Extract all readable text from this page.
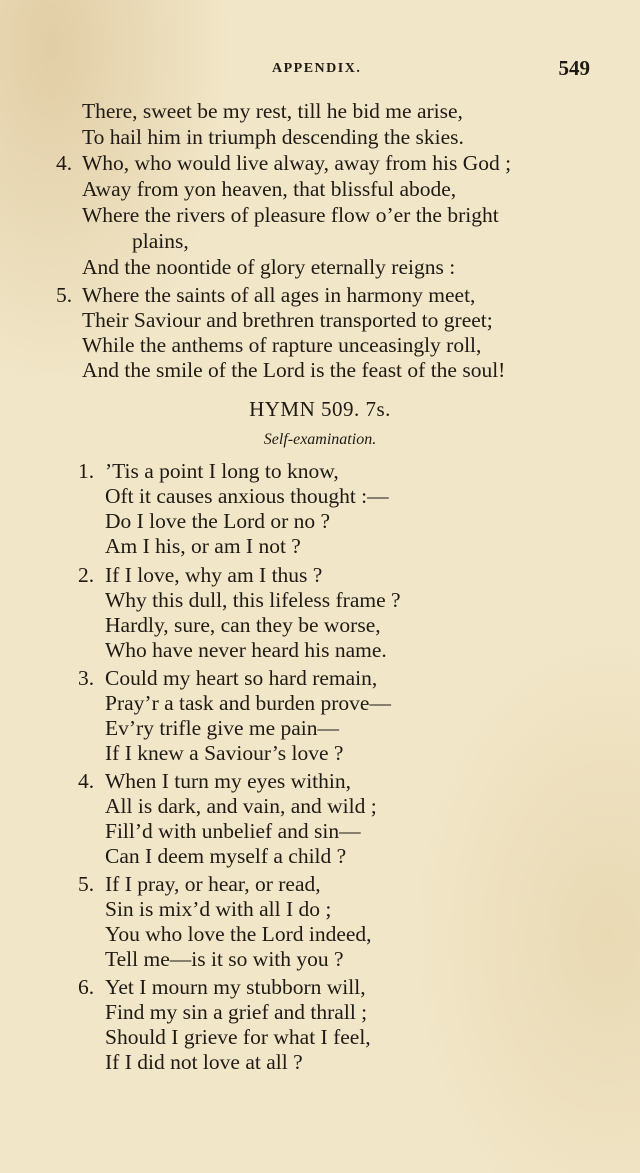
APPENDIX.	549
There, sweet be my rest, till he bid me arise,
To hail him in triumph descending the skies.
4. Who, who would live alway, away from his God ;
Away from yon heaven, that blissful abode,
Where the rivers of pleasure flow o’er the bright
plains,
And the noontide of glory eternally reigns :
5. Where the saints of all ages in harmony meet,
Their Saviour and brethren transported to greet;
While the anthems of rapture unceasingly roll,
And the smile of the Lord is the feast of the soul!
HYMN 509. 7s.
Self-examination.
1. ’Tis a point I long to know,
Oft it causes anxious thought :—
Do I love the Lord or no ?
Am I his, or am I not ?
2. If I love, why am I thus ?
Why this dull, this lifeless frame ?
Hardly, sure, can they be worse,
Who have never heard his name.
3. Could my heart so hard remain,
Pray’r a task and burden prove—
Ev’ry trifle give me pain—
If I knew a Saviour’s love ?
4. When I turn my eyes within,
All is dark, and vain, and wild ;
Fill’d with unbelief and sin—
Can I deem myself a child ?
5. If I pray, or hear, or read,
Sin is mix’d with all I do ;
You who love the Lord indeed,
Tell me—is it so with you ?
6. Yet I mourn my stubborn will,
Find my sin a grief and thrall ;
Should I grieve for what I feel,
If I did not love at all ?
